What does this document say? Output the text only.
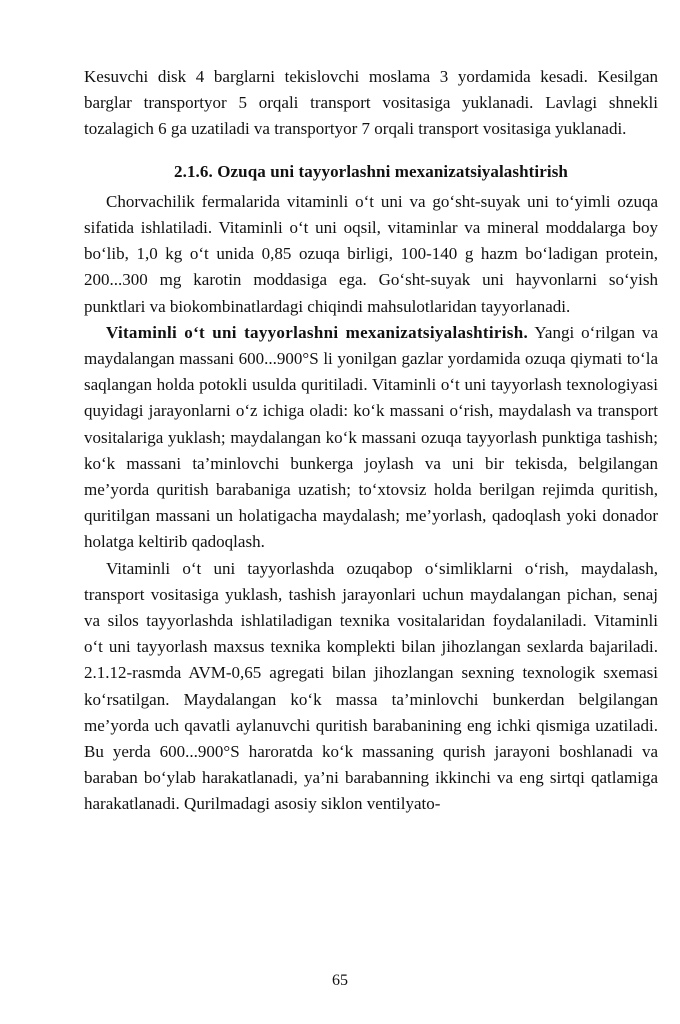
Kesuvchi disk 4 barglarni tekislovchi moslama 3 yordamida kesadi. Kesilgan barglar transportyor 5 orqali transport vositasiga yuklanadi. Lavlagi shnekli tozalagich 6 ga uzatiladi va transportyor 7 orqali transport vositasiga yuklanadi.

2.1.6. Ozuqa uni tayyorlashni mexanizatsiyalashtirish

Chorvachilik fermalarida vitaminli o‘t uni va go‘sht-suyak uni to‘yimli ozuqa sifatida ishlatiladi. Vitaminli o‘t uni oqsil, vitaminlar va mineral moddalarga boy bo‘lib, 1,0 kg o‘t unida 0,85 ozuqa birligi, 100-140 g hazm bo‘ladigan protein, 200...300 mg karotin moddasiga ega. Go‘sht-suyak uni hayvonlarni so‘yish punktlari va biokombinatlardagi chiqindi mahsulotlaridan tayyorlanadi.

Vitaminli o‘t uni tayyorlashni mexanizatsiyalashtirish. Yangi o‘rilgan va maydalangan massani 600...900°S li yonilgan gazlar yordamida ozuqa qiymati to‘la saqlangan holda potokli usulda quritiladi. Vitaminli o‘t uni tayyorlash texnologiyasi quyidagi jarayonlarni o‘z ichiga oladi: ko‘k massani o‘rish, maydalash va transport vositalariga yuklash; maydalangan ko‘k massani ozuqa tayyorlash punktiga tashish; ko‘k massani ta’minlovchi bunkerga joylash va uni bir tekisda, belgilangan me’yorda quritish barabaniga uzatish; to‘xtovsiz holda berilgan rejimda quritish, quritilgan massani un holatigacha maydalash; me’yorlash, qadoqlash yoki donador holatga keltirib qadoqlash.

Vitaminli o‘t uni tayyorlashda ozuqabop o‘simliklarni o‘rish, maydalash, transport vositasiga yuklash, tashish jarayonlari uchun maydalangan pichan, senaj va silos tayyorlashda ishlatiladigan texnika vositalaridan foydalaniladi. Vitaminli o‘t uni tayyorlash maxsus texnika komplekti bilan jihozlangan sexlarda bajariladi. 2.1.12-rasmda AVM-0,65 agregati bilan jihozlangan sexning texnologik sxemasi ko‘rsatilgan. Maydalangan ko‘k massa ta’minlovchi bunkerdan belgilangan me’yorda uch qavatli aylanuvchi quritish barabanining eng ichki qismiga uzatiladi. Bu yerda 600...900°S haroratda ko‘k massaning qurish jarayoni boshlanadi va baraban bo‘ylab harakatlanadi, ya’ni barabanning ikkinchi va eng sirtqi qatlamiga harakatlanadi. Qurilmadagi asosiy siklon ventilyato-

65
